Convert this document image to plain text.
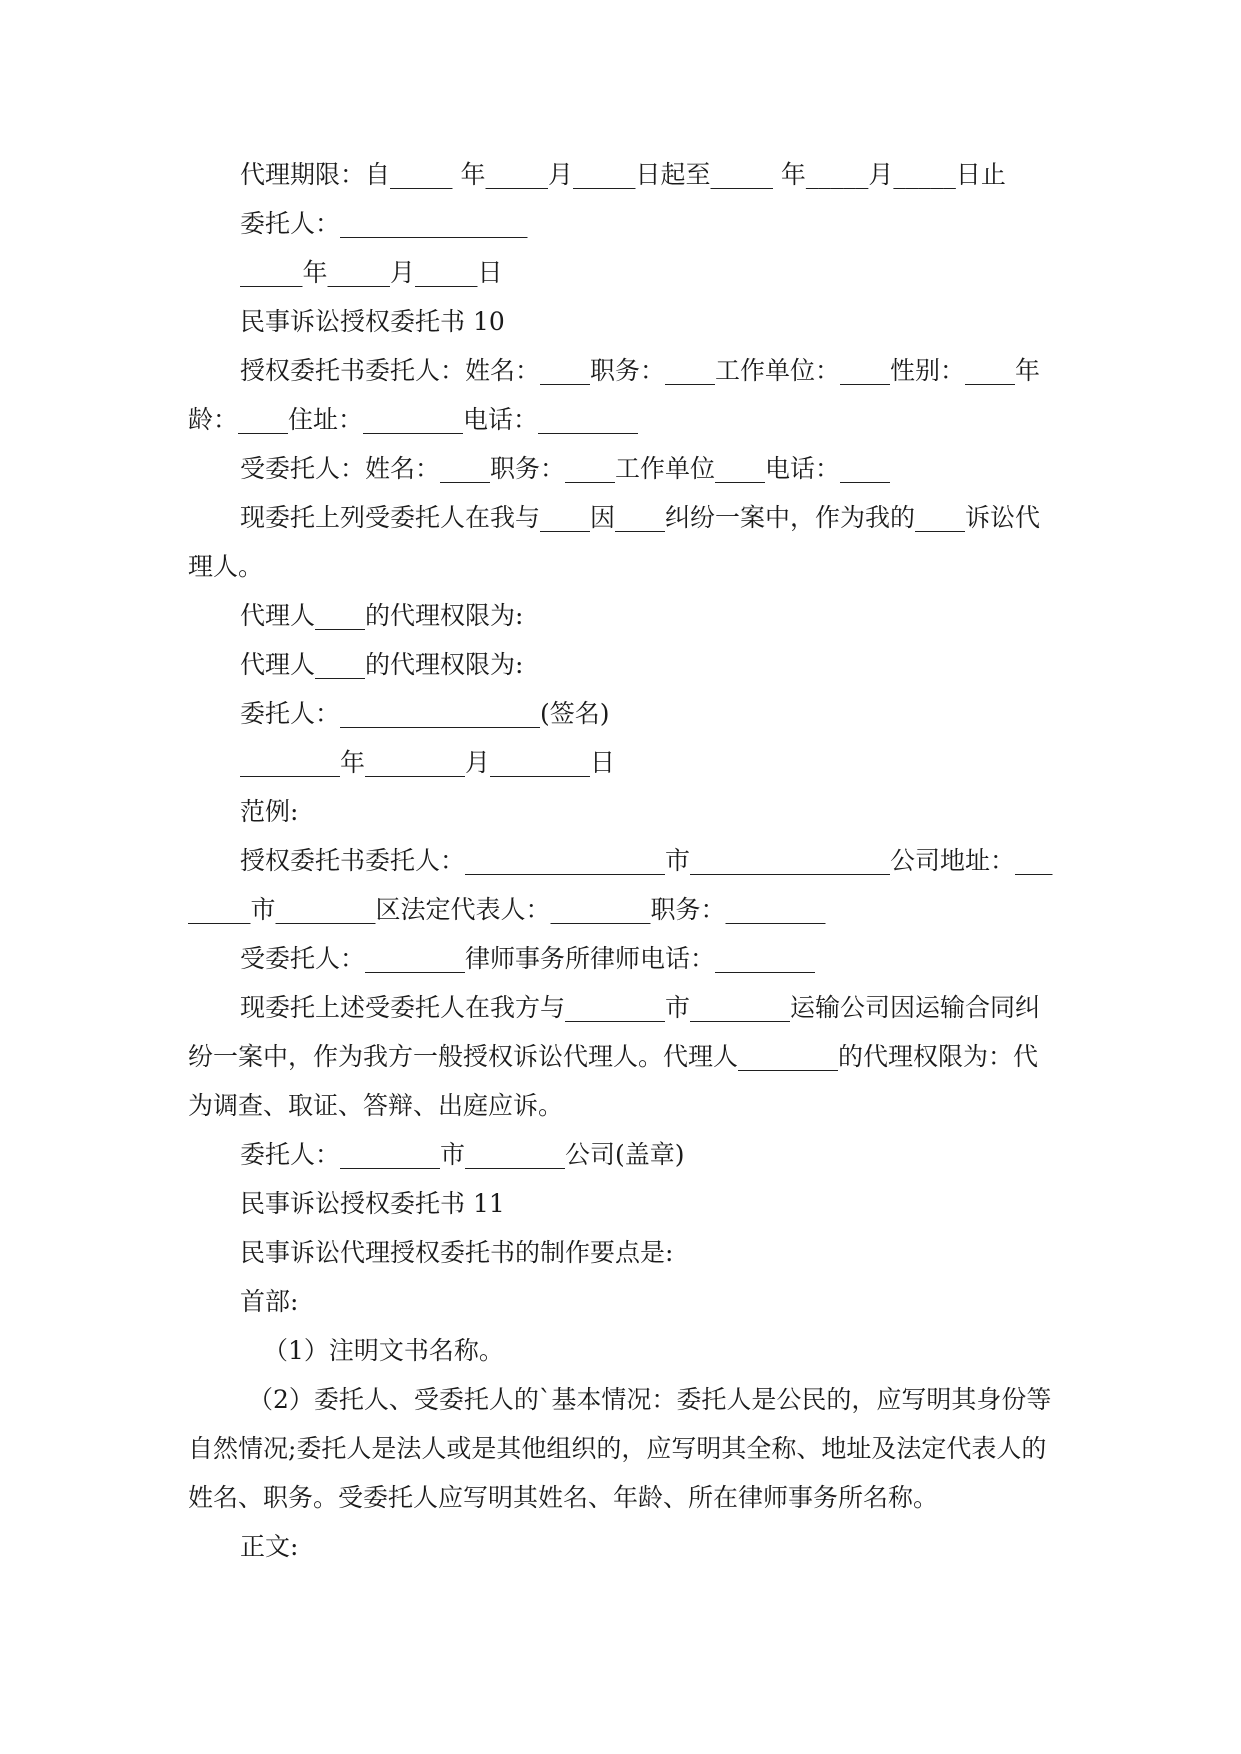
代理期限：自_____ 年_____月_____日起至_____ 年_____月_____日止

委托人：_______________

_____年_____月_____日

民事诉讼授权委托书 10

授权委托书委托人：姓名：____职务：____工作单位：____性别：____年龄：____住址：________电话：________

受委托人：姓名：____职务：____工作单位____电话：____

现委托上列受委托人在我与____因____纠纷一案中，作为我的____诉讼代理人。

代理人____的代理权限为:

代理人____的代理权限为:

委托人：________________(签名)

________年________月________日

范例:

授权委托书委托人：________________市________________公司地址：________市________区法定代表人：________职务：________

受委托人：________律师事务所律师电话：________

现委托上述受委托人在我方与________市________运输公司因运输合同纠纷一案中，作为我方一般授权诉讼代理人。代理人________的代理权限为：代为调查、取证、答辩、出庭应诉。

委托人：________市________公司(盖章)

民事诉讼授权委托书 11

民事诉讼代理授权委托书的制作要点是:

首部:

（1）注明文书名称。

（2）委托人、受委托人的`基本情况：委托人是公民的，应写明其身份等自然情况;委托人是法人或是其他组织的，应写明其全称、地址及法定代表人的姓名、职务。受委托人应写明其姓名、年龄、所在律师事务所名称。

正文:
